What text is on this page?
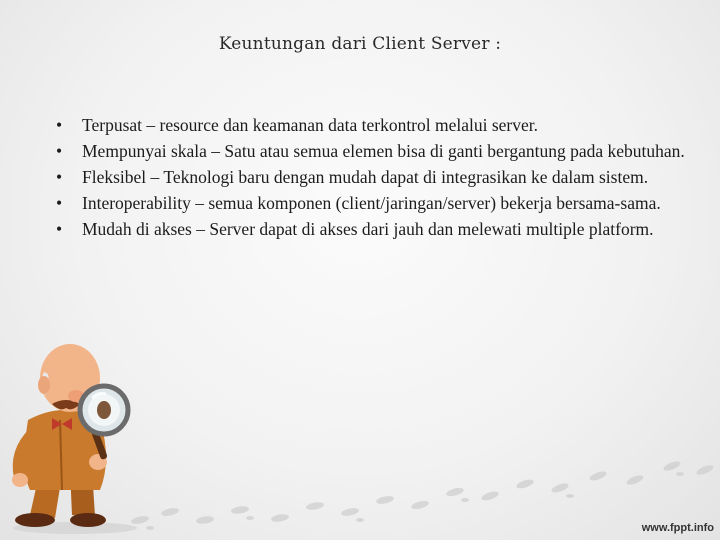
Keuntungan dari Client Server :
• Terpusat – resource dan keamanan data terkontrol melalui server.
• Mempunyai skala – Satu atau semua elemen bisa di ganti bergantung pada kebutuhan.
• Fleksibel – Teknologi baru dengan mudah dapat di integrasikan ke dalam sistem.
• Interoperability – semua komponen (client/jaringan/server) bekerja bersama-sama.
• Mudah di akses – Server dapat di akses dari jauh dan melewati multiple platform.
www.fppt.info
